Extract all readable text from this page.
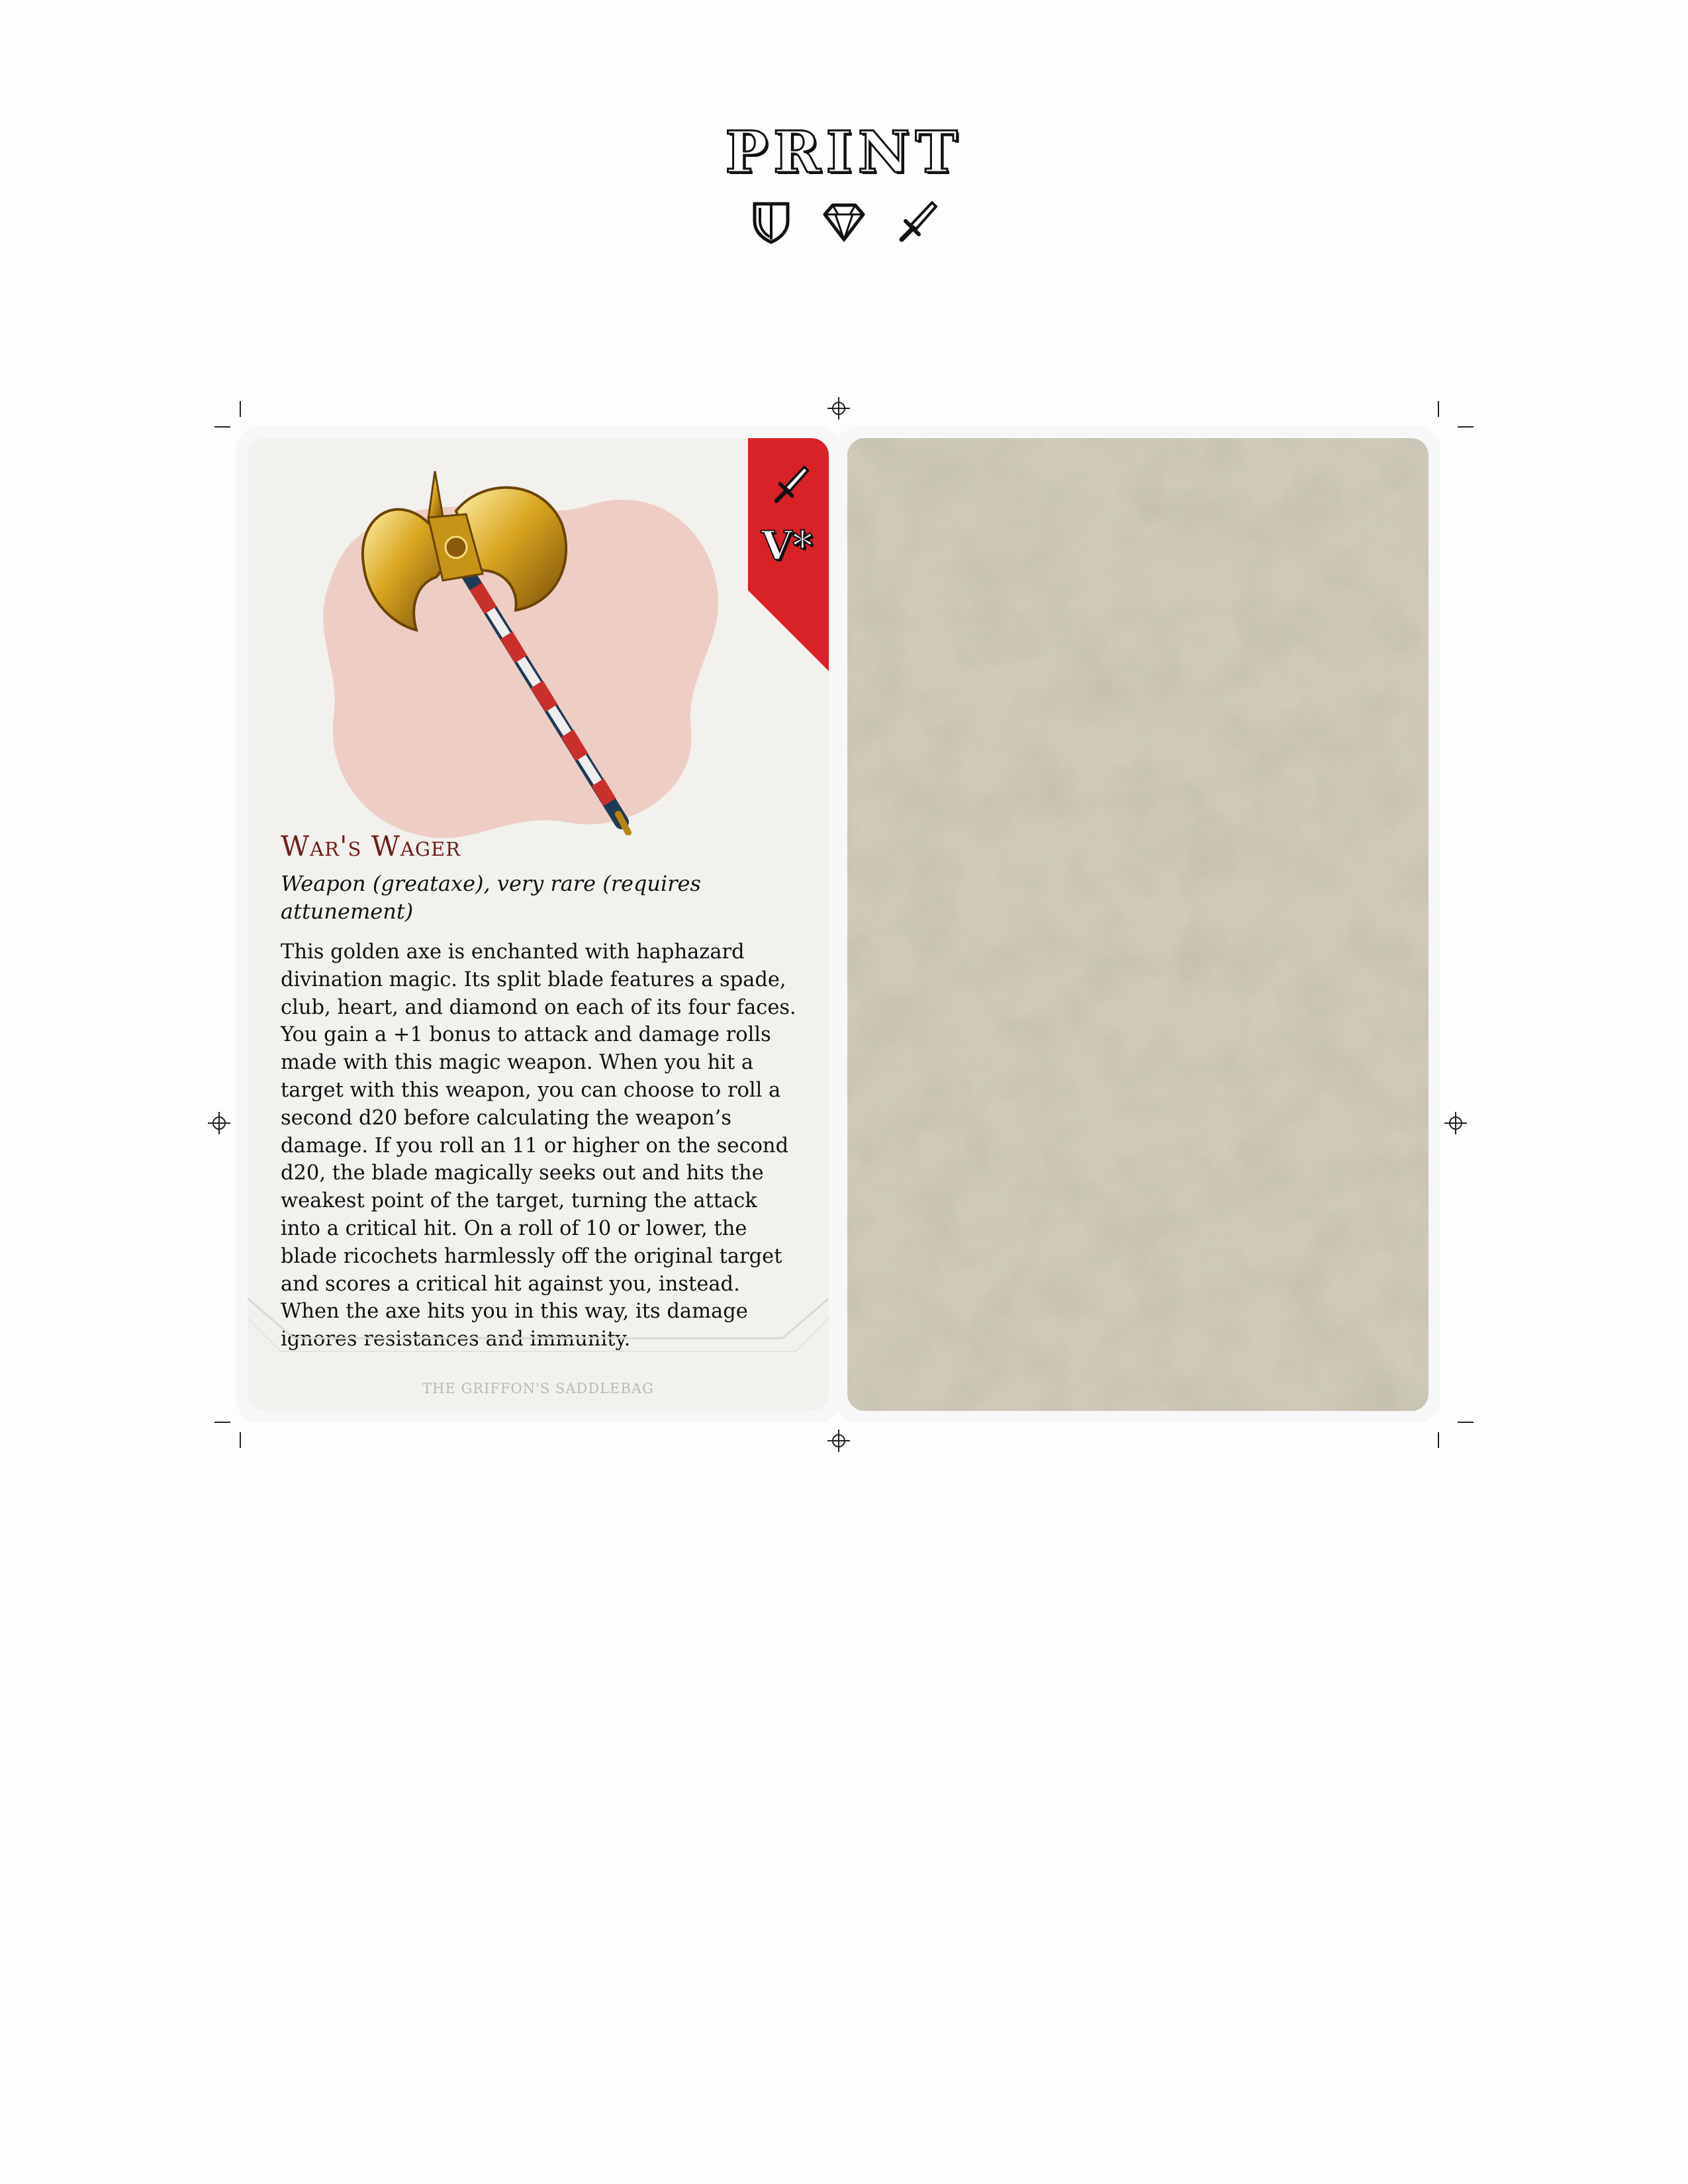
PRINT
V*
War's Wager
Weapon (greataxe), very rare (requires attunement)

This golden axe is enchanted with haphazard divination magic. Its split blade features a spade, club, heart, and diamond on each of its four faces. You gain a +1 bonus to attack and damage rolls made with this magic weapon. When you hit a target with this weapon, you can choose to roll a second d20 before calculating the weapon’s damage. If you roll an 11 or higher on the second d20, the blade magically seeks out and hits the weakest point of the target, turning the attack into a critical hit. On a roll of 10 or lower, the blade ricochets harmlessly off the original target and scores a critical hit against you, instead. When the axe hits you in this way, its damage ignores resistances and immunity.

THE GRIFFON'S SADDLEBAG
